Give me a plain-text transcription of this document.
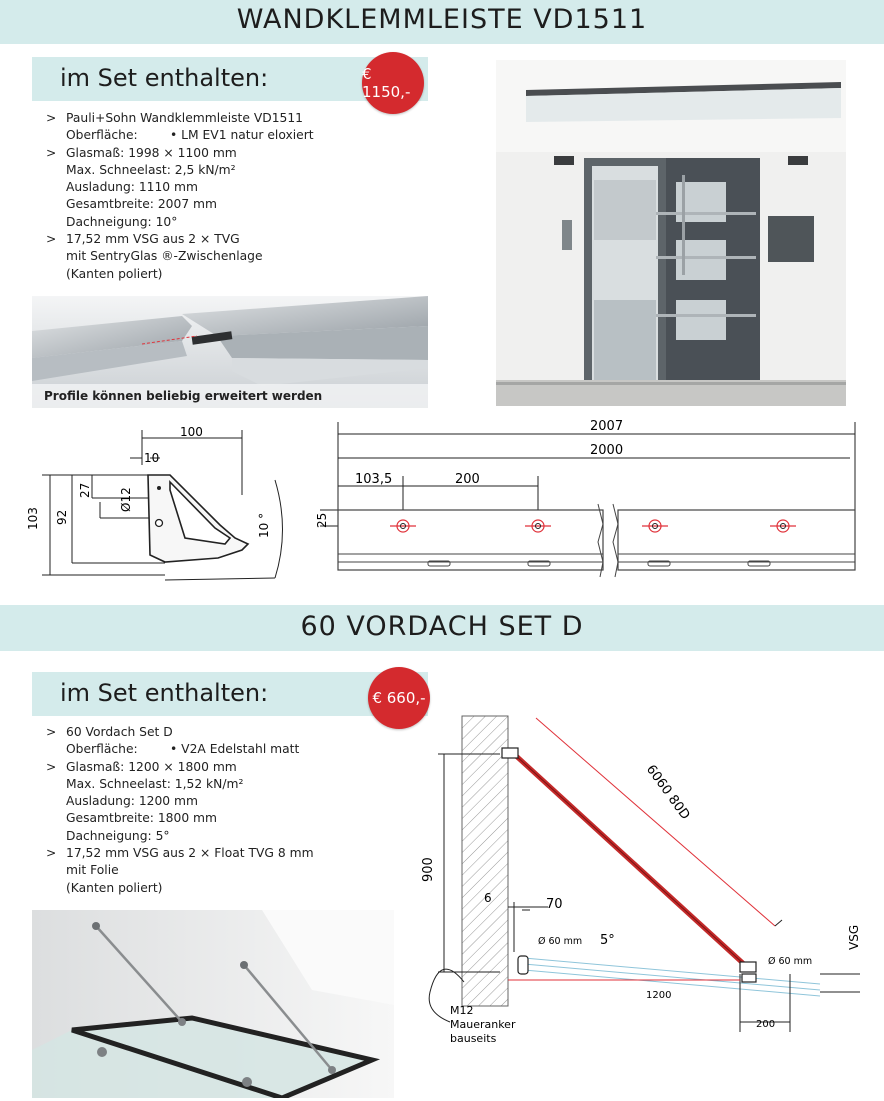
WANDKLEMMLEISTE VD1511
im Set enthalten:	€ 1150,-
> Pauli+Sohn Wandklemmleiste VD1511
Oberfläche:	• LM EV1 natur eloxiert
> Glasmaß: 1998 × 1100 mm
Max. Schneelast: 2,5 kN/m²
Ausladung: 1110 mm
Gesamtbreite: 2007 mm
Dachneigung: 10°
> 17,52 mm VSG aus 2 × TVG
mit SentryGlas ®-Zwischenlage
(Kanten poliert)
Profile können beliebig erweitert werden
100
10
103 92
27 Ø12
10 °
2007
2000
103,5	200
25
60 VORDACH SET D
im Set enthalten:	€ 660,-
> 60 Vordach Set D
Oberfläche:	• V2A Edelstahl matt
> Glasmaß: 1200 × 1800 mm
Max. Schneelast: 1,52 kN/m²
Ausladung: 1200 mm
Gesamtbreite: 1800 mm
Dachneigung: 5°
> 17,52 mm VSG aus 2 × Float TVG 8 mm
mit Folie
(Kanten poliert)
6060 80D
900
6	70
Ø 60 mm
Ø 60 mm
5°
1200
200
VSG
M12
Maueranker
bauseits
